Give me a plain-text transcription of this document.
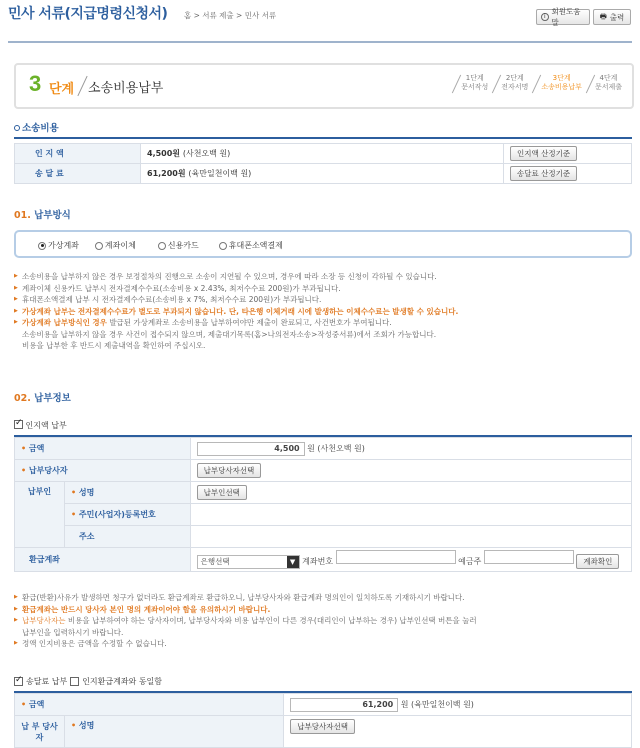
민사 서류(지급명령신청서) 홈 > 서류 제출 > 민사 서류	i
회원도움말
🖶 출력
3 단계 소송비용납부
1단계
문서작성
2단계
전자서명
3단계
소송비용납부
4단계
문서제출
소송비용
인 지 액	4,500원 (사천오백 원)	인지액 산정기준
송 달 료	61,200원 (육만일천이백 원)	송달료 산정기준
01. 납부방식
가상계좌	계좌이체	신용카드	휴대폰소액결제
▶ 소송비용을 납부하지 않은 경우 보정절차의 진행으로 소송이 지연될 수 있으며, 경우에 따라 소장 등 신청이 각하될 수 있습니다.
▶ 계좌이체 신용카드 납부시 전자결제수수료(소송비용 x 2.43%, 최저수수료 200원)가 부과됩니다.
▶ 휴대폰소액결제 납부 시 전자결제수수료(소송비용 x 7%, 최저수수료 200원)가 부과됩니다.
▶ 가상계좌 납부는 전자결제수수료가 별도로 부과되지 않습니다. 단, 타은행 이체거래 시에 발생하는 이체수수료는 발생할 수 있습니다.
▶ 가상계좌 납부방식인 경우 발급된 가상계좌로 소송비용을 납부하여야만 제출이 완료되고, 사건번호가 부여됩니다.
소송비용을 납부하지 않을 경우 사건이 접수되지 않으며, 제출대기목록(홈>나의전자소송>작성중서류)에서 조회가 가능합니다.
비용을 납부한 후 반드시 제출내역을 확인하여 주십시오.
02. 납부정보
✓ 인지액 납부
• 금액		4,500 원 (사천오백 원)
• 납부당사자		납부당사자선택
납부인	• 성명	납부인선택
	• 주민(사업자)등록번호	
	주소	
환급계좌		은행선택 ▼ 계좌번호 예금주 계좌확인
▶ 환급(반환)사유가 발생하면 청구가 없더라도 환급계좌로 환급하오니, 납부당사자와 환급계좌 명의인이 일치하도록 기재하시기 바랍니다.
▶ 환급계좌는 반드시 당사자 본인 명의 계좌이어야 함을 유의하시기 바랍니다.
▶ 납부당사자는 비용을 납부하여야 하는 당사자이며, 납부당사자와 비용 납부인이 다른 경우(대리인이 납부하는 경우) 납부인선택 버튼을 눌러
납부인을 입력하시기 바랍니다.
▶ 정액 인지비용은 금액을 수정할 수 없습니다.
✓
송달료 납부 인지환급계좌와 동일함
• 금액		61,200 원 (육만일천이백 원)
납 부 당사자	• 성명	납부당사자선택
